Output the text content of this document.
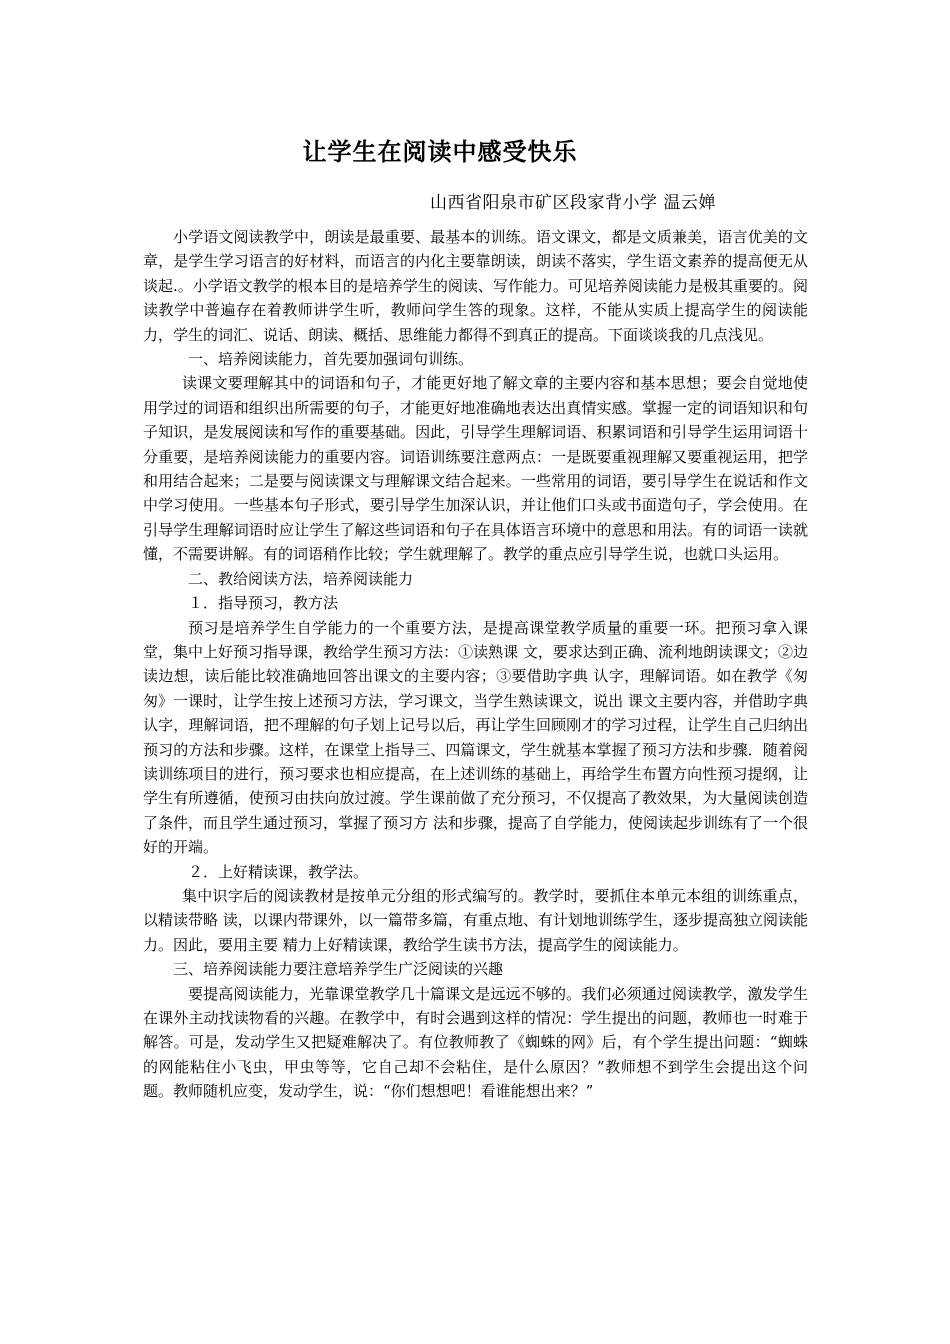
让学生在阅读中感受快乐
山西省阳泉市矿区段家背小学 温云婵

小学语文阅读教学中，朗读是最重要、最基本的训练。语文课文，都是文质兼美，语言优美的文章，是学生学习语言的好材料，而语言的内化主要靠朗读，朗读不落实，学生语文素养的提高便无从谈起.。小学语文教学的根本目的是培养学生的阅读、写作能力。可见培养阅读能力是极其重要的。阅读教学中普遍存在着教师讲学生听，教师问学生答的现象。这样，不能从实质上提高学生的阅读能力，学生的词汇、说话、朗读、概括、思维能力都得不到真正的提高。下面谈谈我的几点浅见。

一、培养阅读能力，首先要加强词句训练。

读课文要理解其中的词语和句子，才能更好地了解文章的主要内容和基本思想；要会自觉地使用学过的词语和组织出所需要的句子，才能更好地准确地表达出真情实感。掌握一定的词语知识和句子知识，是发展阅读和写作的重要基础。因此，引导学生理解词语、积累词语和引导学生运用词语十分重要，是培养阅读能力的重要内容。词语训练要注意两点：一是既要重视理解又要重视运用，把学和用结合起来；二是要与阅读课文与理解课文结合起来。一些常用的词语，要引导学生在说话和作文中学习使用。一些基本句子形式，要引导学生加深认识，并让他们口头或书面造句子，学会使用。在引导学生理解词语时应让学生了解这些词语和句子在具体语言环境中的意思和用法。有的词语一读就懂，不需要讲解。有的词语稍作比较；学生就理解了。教学的重点应引导学生说，也就口头运用。

二、教给阅读方法，培养阅读能力

１．指导预习，教方法

预习是培养学生自学能力的一个重要方法，是提高课堂教学质量的重要一环。把预习拿入课堂，集中上好预习指导课，教给学生预习方法：①读熟课 文，要求达到正确、流利地朗读课文；②边读边想，读后能比较准确地回答出课文的主要内容；③要借助字典 认字，理解词语。如在教学《匆匆》一课时，让学生按上述预习方法，学习课文，当学生熟读课文，说出 课文主要内容，并借助字典认字，理解词语，把不理解的句子划上记号以后，再让学生回顾刚才的学习过程，让学生自己归纳出预习的方法和步骤。这样，在课堂上指导三、四篇课文，学生就基本掌握了预习方法和步骤．随着阅读训练项目的进行，预习要求也相应提高，在上述训练的基础上，再给学生布置方向性预习提纲，让学生有所遵循，使预习由扶向放过渡。学生课前做了充分预习，不仅提高了教效果，为大量阅读创造了条件，而且学生通过预习，掌握了预习方 法和步骤，提高了自学能力，使阅读起步训练有了一个很好的开端。

２．上好精读课，教学法。

集中识字后的阅读教材是按单元分组的形式编写的。教学时，要抓住本单元本组的训练重点，以精读带略 读，以课内带课外，以一篇带多篇，有重点地、有计划地训练学生，逐步提高独立阅读能力。因此，要用主要 精力上好精读课，教给学生读书方法，提高学生的阅读能力。

三、培养阅读能力要注意培养学生广泛阅读的兴趣

要提高阅读能力，光靠课堂教学几十篇课文是远远不够的。我们必须通过阅读教学，激发学生在课外主动找读物看的兴趣。在教学中，有时会遇到这样的情况：学生提出的问题，教师也一时难于解答。可是，发动学生又把疑难解决了。有位教师教了《蜘蛛的网》后，有个学生提出问题：“蜘蛛的网能粘住小飞虫，甲虫等等，它自己却不会粘住，是什么原因？”教师想不到学生会提出这个问题。教师随机应变，发动学生，说：“你们想想吧！看谁能想出来？”
